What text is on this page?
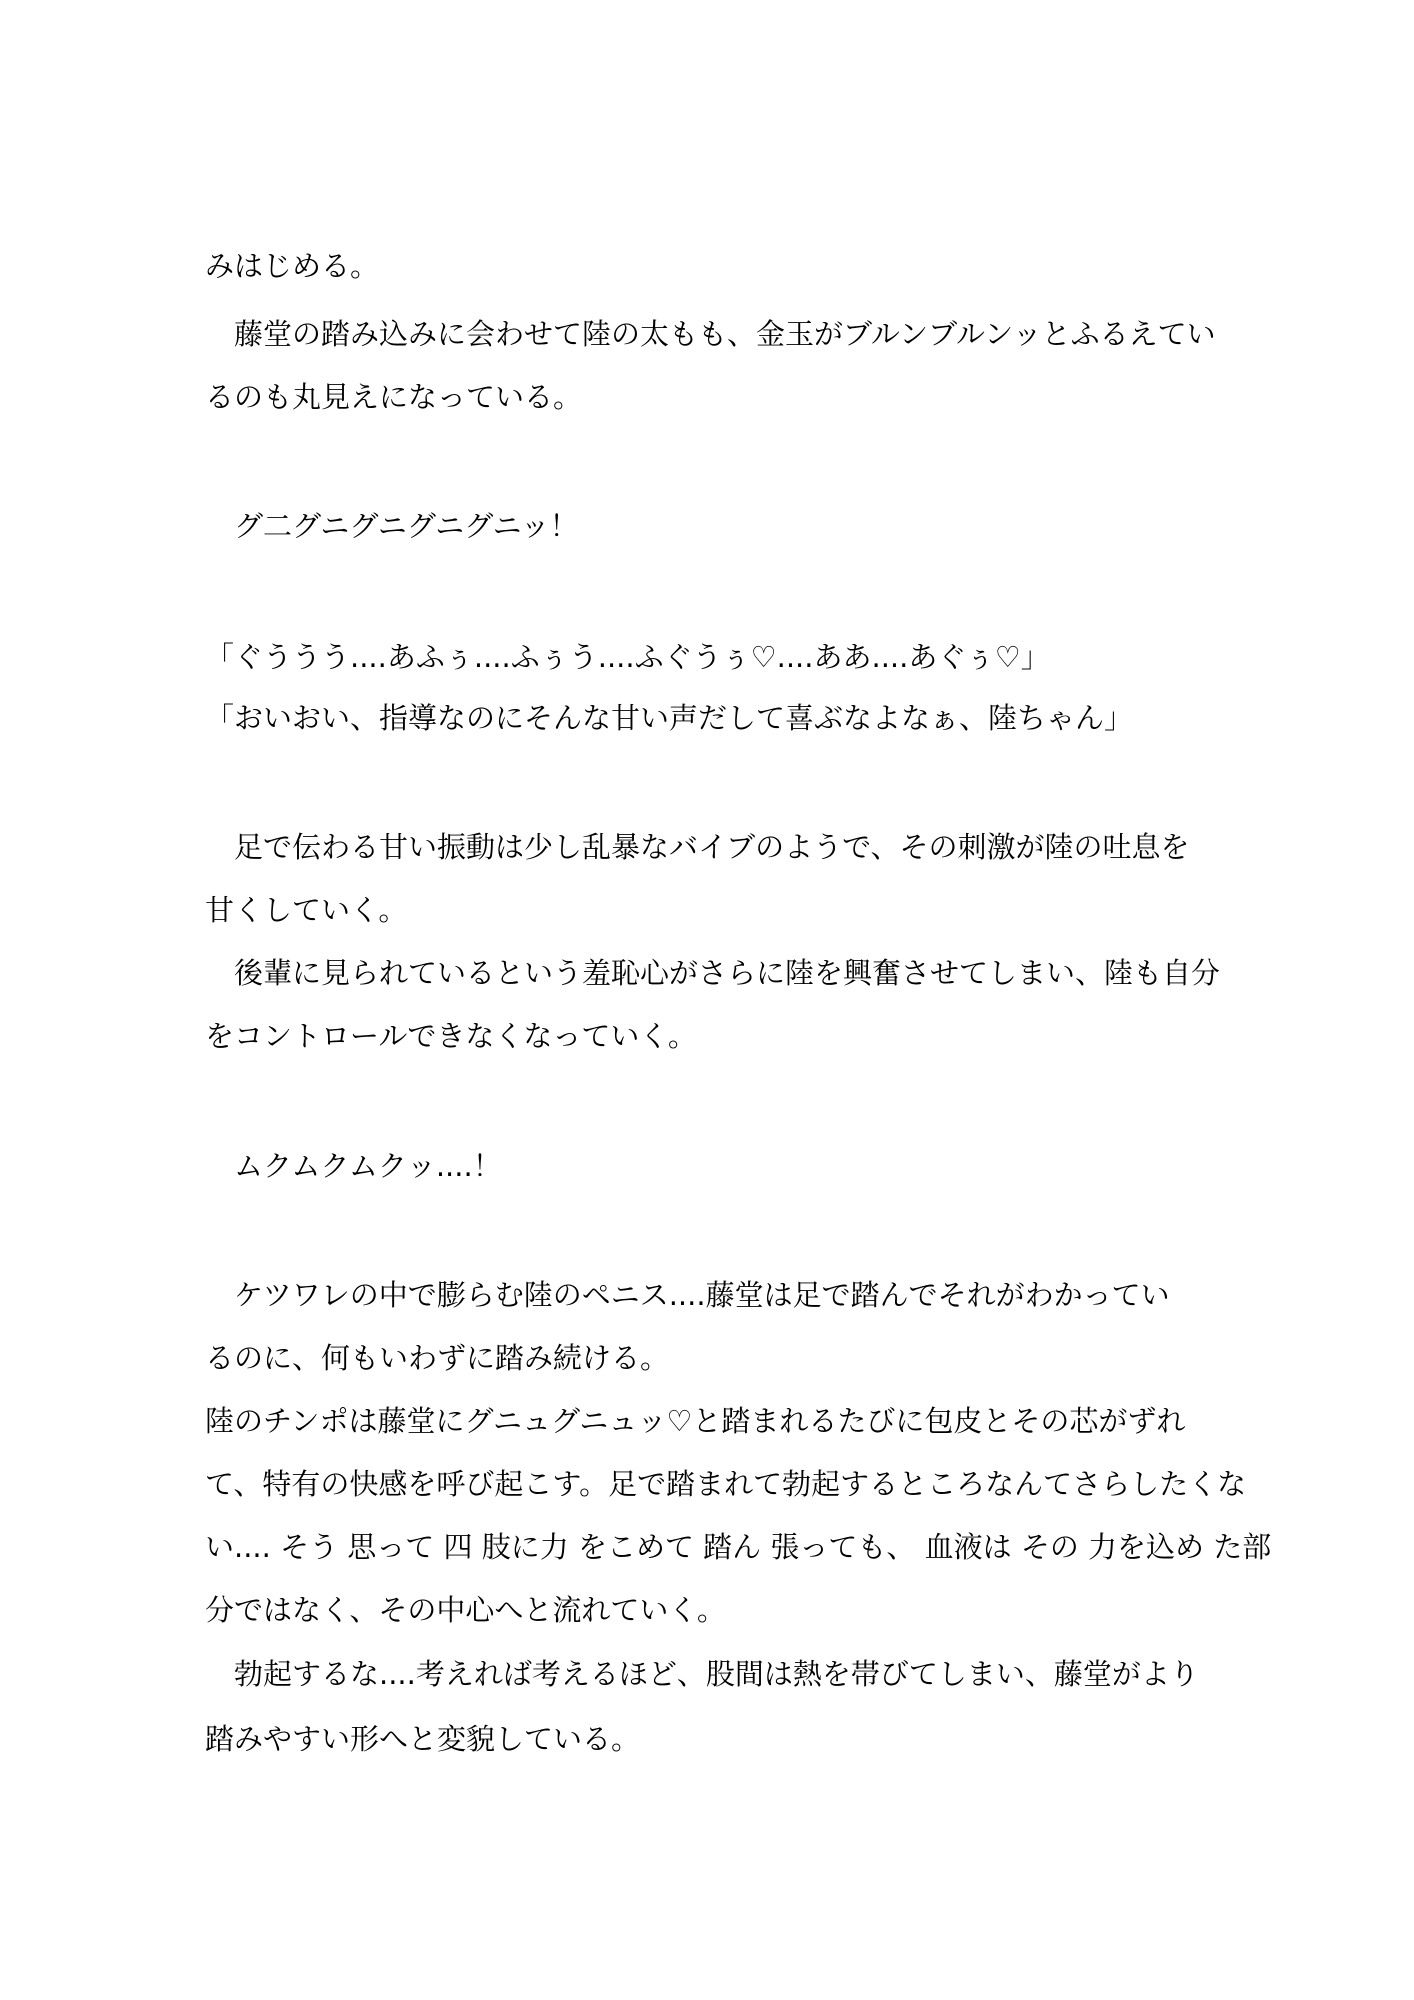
みはじめる。

　藤堂の踏み込みに会わせて陸の太もも、金玉がブルンブルンッとふるえてい

るのも丸見えになっている。

　グ二グニグニグニグニッ！

「ぐううう....あふぅ....ふぅう....ふぐうぅ♡....ああ....あぐぅ♡」

「おいおい、指導なのにそんな甘い声だして喜ぶなよなぁ、陸ちゃん」

　足で伝わる甘い振動は少し乱暴なバイブのようで、その刺激が陸の吐息を

甘くしていく。

　後輩に見られているという羞恥心がさらに陸を興奮させてしまい、陸も自分

をコントロールできなくなっていく。

　ムクムクムクッ....！

　ケツワレの中で膨らむ陸のペニス....藤堂は足で踏んでそれがわかってい

るのに、何もいわずに踏み続ける。

陸のチンポは藤堂にグニュグニュッ♡と踏まれるたびに包皮とその芯がずれ

て、特有の快感を呼び起こす。足で踏まれて勃起するところなんてさらしたくな

い.... そう 思って 四 肢に力 をこめて 踏ん 張っても、 血液は その 力を込め た部

分ではなく、その中心へと流れていく。

　勃起するな....考えれば考えるほど、股間は熱を帯びてしまい、藤堂がより

踏みやすい形へと変貌している。
